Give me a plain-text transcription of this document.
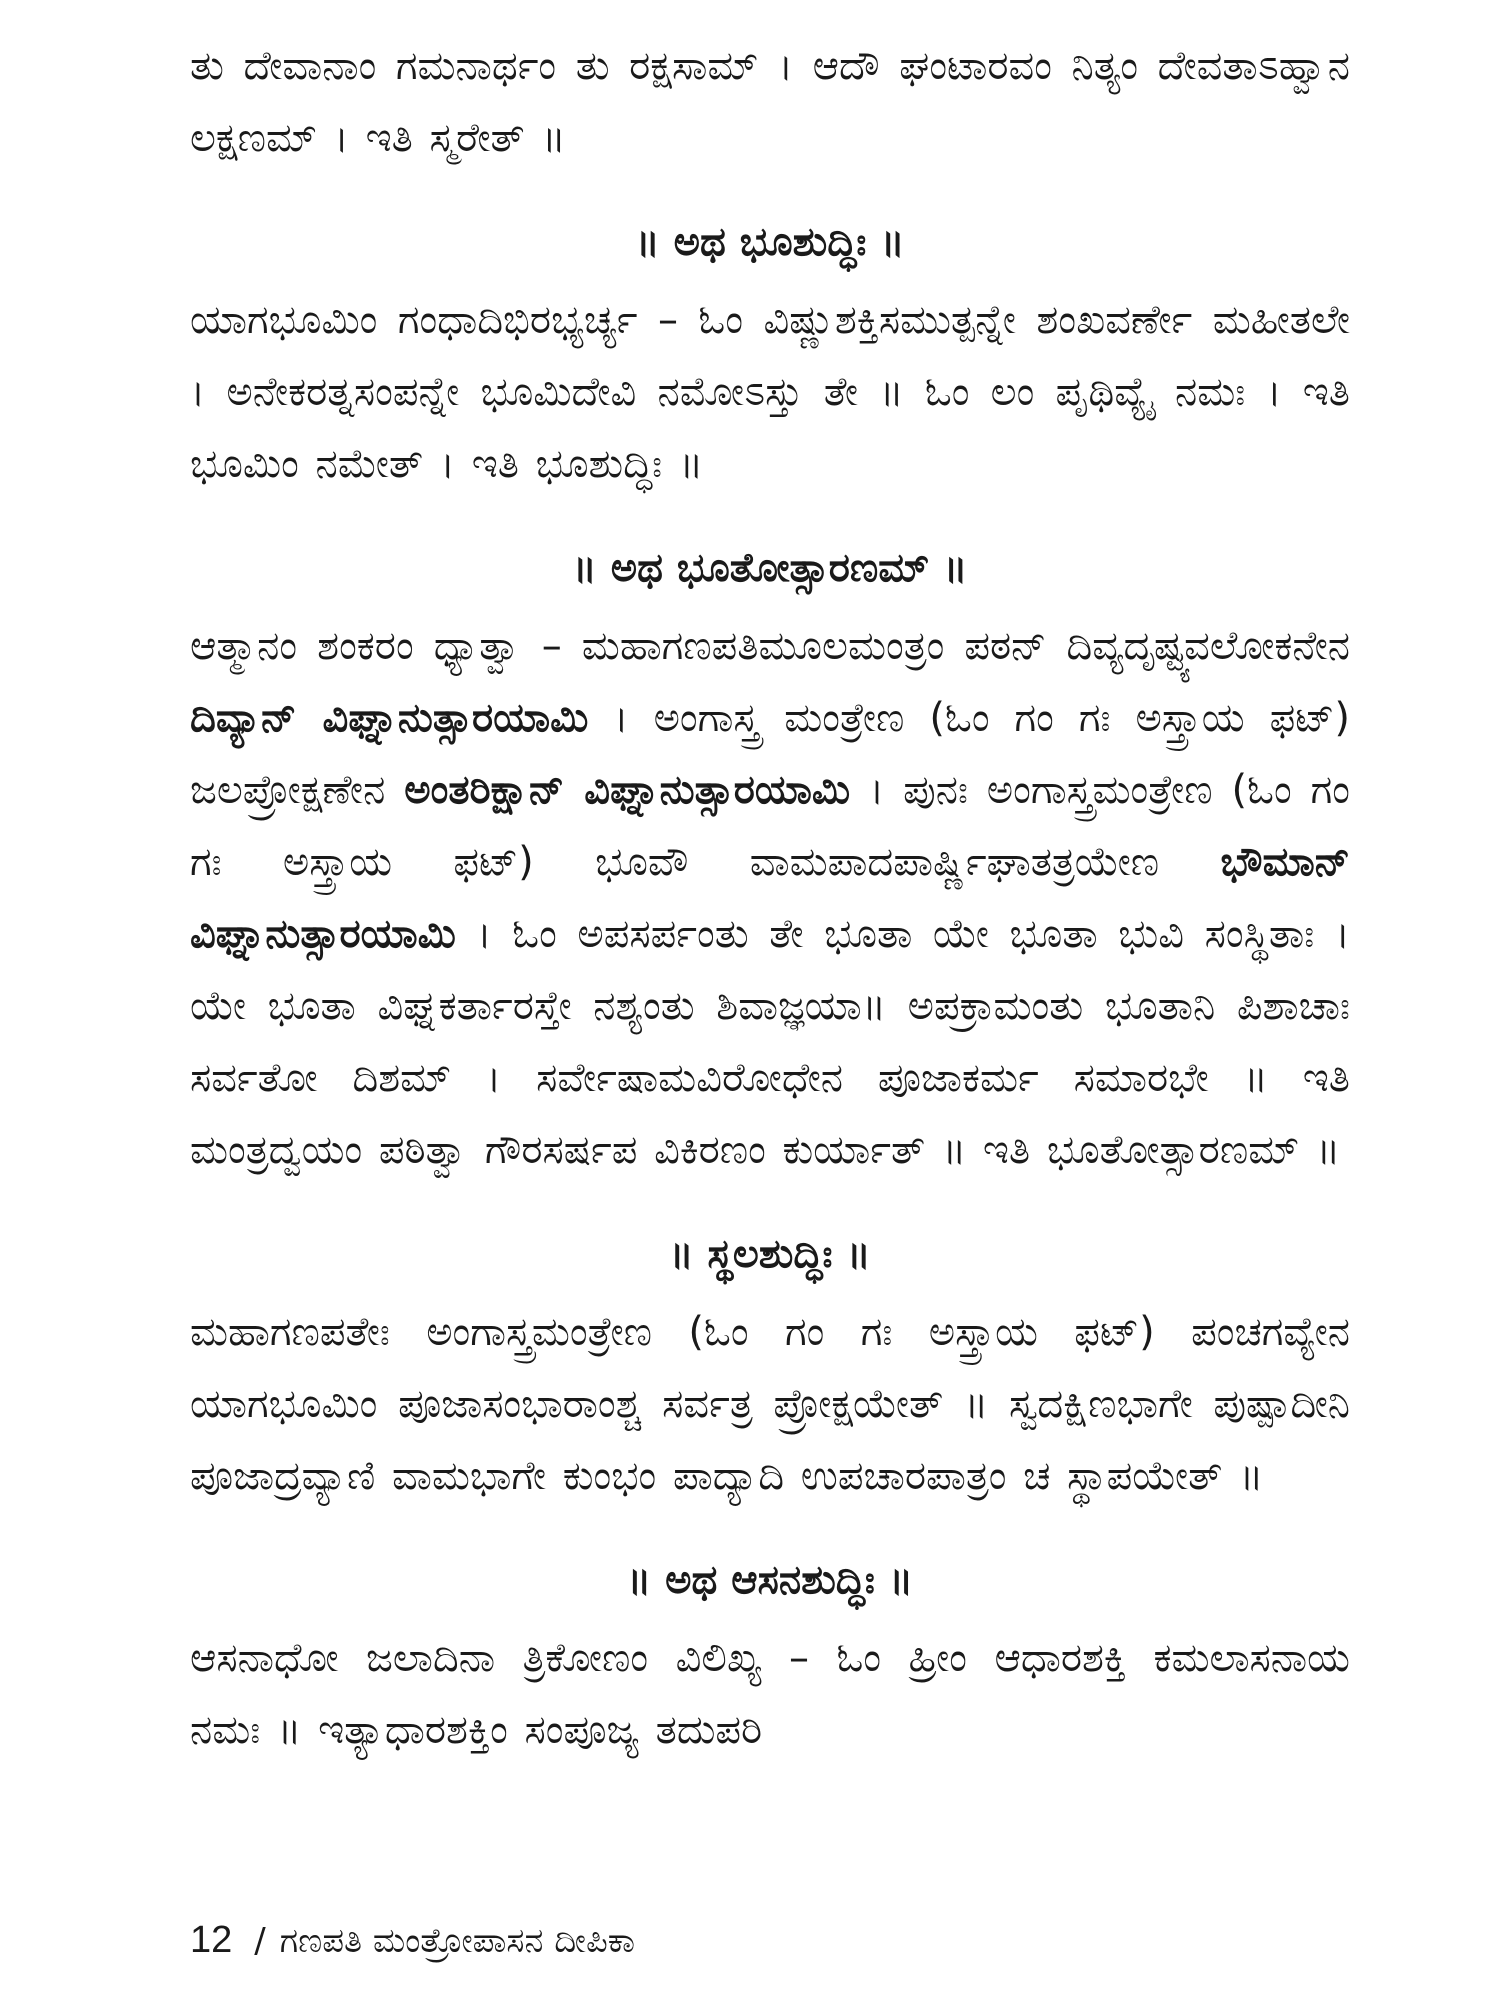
ತು ದೇವಾನಾಂ ಗಮನಾರ್ಥಂ ತು ರಕ್ಷಸಾಮ್ । ಆದೌ ಘಂಟಾರವಂ ನಿತ್ಯಂ ದೇವತಾಽಹ್ವಾನ ಲಕ್ಷಣಮ್ । ಇತಿ ಸ್ಮರೇತ್ ॥

॥ ಅಥ ಭೂಶುದ್ಧಿಃ ॥

ಯಾಗಭೂಮಿಂ ಗಂಧಾದಿಭಿರಭ್ಯರ್ಚ್ಯ – ಓಂ ವಿಷ್ಣುಶಕ್ತಿಸಮುತ್ಪನ್ನೇ ಶಂಖವರ್ಣೇ ಮಹೀತಲೇ । ಅನೇಕರತ್ನಸಂಪನ್ನೇ ಭೂಮಿದೇವಿ ನಮೋಽಸ್ತು ತೇ ॥ ಓಂ ಲಂ ಪೃಥಿವ್ಯೈ ನಮಃ । ಇತಿ ಭೂಮಿಂ ನಮೇತ್ । ಇತಿ ಭೂಶುದ್ಧಿಃ ॥

॥ ಅಥ ಭೂತೋತ್ಸಾರಣಮ್ ॥

ಆತ್ಮಾನಂ ಶಂಕರಂ ಧ್ಯಾತ್ವಾ – ಮಹಾಗಣಪತಿಮೂಲಮಂತ್ರಂ ಪಠನ್ ದಿವ್ಯದೃಷ್ಟ್ಯವಲೋಕನೇನ ದಿವ್ಯಾನ್ ವಿಘ್ನಾನುತ್ಸಾರಯಾಮಿ । ಅಂಗಾಸ್ತ್ರ ಮಂತ್ರೇಣ (ಓಂ ಗಂ ಗಃ ಅಸ್ತ್ರಾಯ ಫಟ್) ಜಲಪ್ರೋಕ್ಷಣೇನ ಅಂತರಿಕ್ಷಾನ್ ವಿಘ್ನಾನುತ್ಸಾರಯಾಮಿ । ಪುನಃ ಅಂಗಾಸ್ತ್ರಮಂತ್ರೇಣ (ಓಂ ಗಂ ಗಃ ಅಸ್ತ್ರಾಯ ಫಟ್) ಭೂವೌ ವಾಮಪಾದಪಾರ್ಷ್ಣಿಘಾತತ್ರಯೇಣ ಭೌಮಾನ್ ವಿಘ್ನಾನುತ್ಸಾರಯಾಮಿ । ಓಂ ಅಪಸರ್ಪಂತು ತೇ ಭೂತಾ ಯೇ ಭೂತಾ ಭುವಿ ಸಂಸ್ಥಿತಾಃ । ಯೇ ಭೂತಾ ವಿಘ್ನಕರ್ತಾರಸ್ತೇ ನಶ್ಯಂತು ಶಿವಾಜ್ಞಯಾ॥ ಅಪಕ್ರಾಮಂತು ಭೂತಾನಿ ಪಿಶಾಚಾಃ ಸರ್ವತೋ ದಿಶಮ್ । ಸರ್ವೇಷಾಮವಿರೋಧೇನ ಪೂಜಾಕರ್ಮ ಸಮಾರಭೇ ॥ ಇತಿ ಮಂತ್ರದ್ವಯಂ ಪಠಿತ್ವಾ ಗೌರಸರ್ಷಪ ವಿಕಿರಣಂ ಕುರ್ಯಾತ್ ॥ ಇತಿ ಭೂತೋತ್ಸಾರಣಮ್ ॥

॥ ಸ್ಥಲಶುದ್ಧಿಃ ॥

ಮಹಾಗಣಪತೇಃ ಅಂಗಾಸ್ತ್ರಮಂತ್ರೇಣ (ಓಂ ಗಂ ಗಃ ಅಸ್ತ್ರಾಯ ಫಟ್) ಪಂಚಗವ್ಯೇನ ಯಾಗಭೂಮಿಂ ಪೂಜಾಸಂಭಾರಾಂಶ್ಚ ಸರ್ವತ್ರ ಪ್ರೋಕ್ಷಯೇತ್ ॥ ಸ್ವದಕ್ಷಿಣಭಾಗೇ ಪುಷ್ಪಾದೀನಿ ಪೂಜಾದ್ರವ್ಯಾಣಿ ವಾಮಭಾಗೇ ಕುಂಭಂ ಪಾದ್ಯಾದಿ ಉಪಚಾರಪಾತ್ರಂ ಚ ಸ್ಥಾಪಯೇತ್ ॥

॥ ಅಥ ಆಸನಶುದ್ಧಿಃ ॥

ಆಸನಾಧೋ ಜಲಾದಿನಾ ತ್ರಿಕೋಣಂ ವಿಲಿಖ್ಯ – ಓಂ ಹ್ರೀಂ ಆಧಾರಶಕ್ತಿ ಕಮಲಾಸನಾಯ ನಮಃ ॥ ಇತ್ಯಾಧಾರಶಕ್ತಿಂ ಸಂಪೂಜ್ಯ ತದುಪರಿ

12 / ಗಣಪತಿ ಮಂತ್ರೋಪಾಸನ ದೀಪಿಕಾ
